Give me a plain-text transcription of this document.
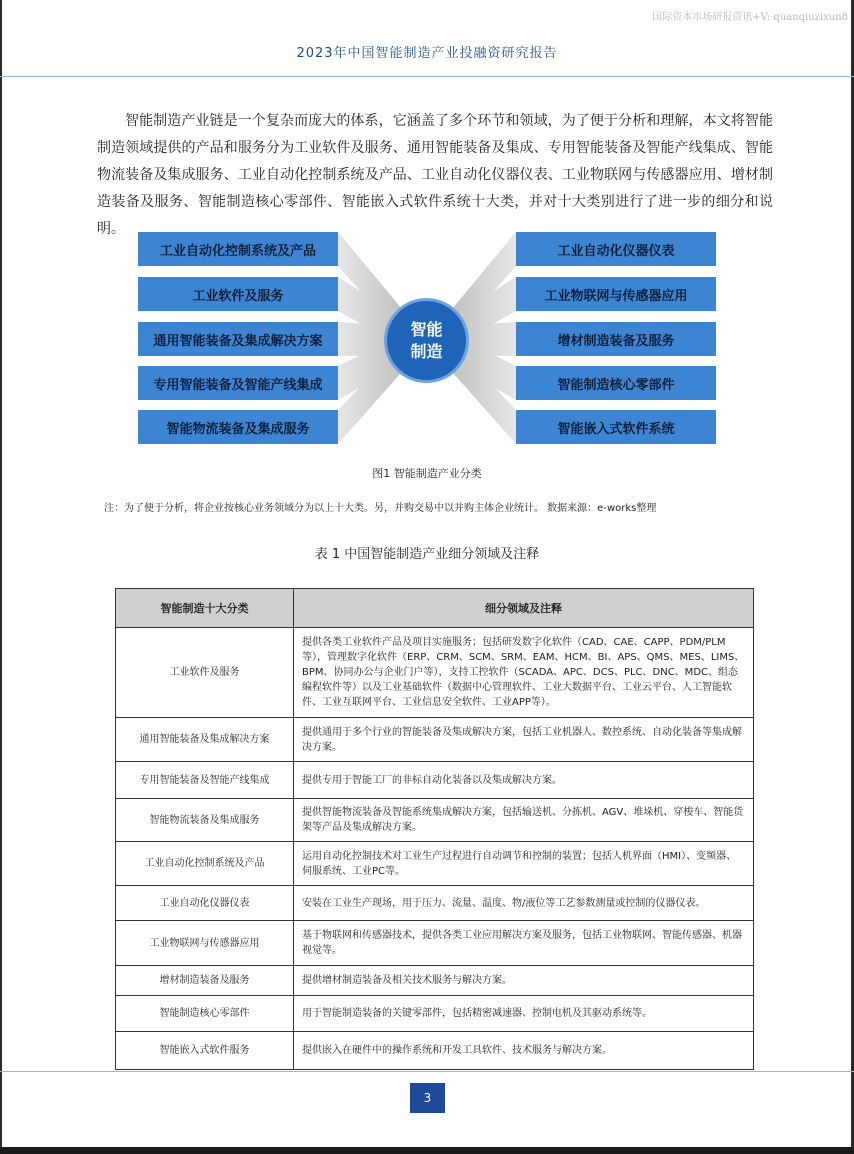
国际资本市场研报资讯+V: quanqiuzixun8
2023年中国智能制造产业投融资研究报告

智能制造产业链是一个复杂而庞大的体系，它涵盖了多个环节和领域，为了便于分析和理解，本文将智能制造领域提供的产品和服务分为工业软件及服务、通用智能装备及集成、专用智能装备及智能产线集成、智能物流装备及集成服务、工业自动化控制系统及产品、工业自动化仪器仪表、工业物联网与传感器应用、增材制造装备及服务、智能制造核心零部件、智能嵌入式软件系统十大类，并对十大类别进行了进一步的细分和说明。

工业自动化控制系统及产品
工业软件及服务
通用智能装备及集成解决方案
专用智能装备及智能产线集成
智能物流装备及集成服务
工业自动化仪器仪表
工业物联网与传感器应用
增材制造装备及服务
智能制造核心零部件
智能嵌入式软件系统
智能
制造
图1 智能制造产业分类
注：为了便于分析，将企业按核心业务领域分为以上十大类。另，并购交易中以并购主体企业统计。 数据来源：e-works整理
表 1 中国智能制造产业细分领域及注释
智能制造十大分类	细分领域及注释
工业软件及服务	提供各类工业软件产品及项目实施服务；包括研发数字化软件（CAD、CAE、CAPP、PDM/PLM等），管理数字化软件（ERP、CRM、SCM、SRM、EAM、HCM、BI、APS、QMS、MES、LIMS、BPM、协同办公与企业门户等），支持工控软件（SCADA、APC、DCS、PLC、DNC、MDC、组态编程软件等）以及工业基础软件（数据中心管理软件、工业大数据平台、工业云平台、人工智能软件、工业互联网平台、工业信息安全软件、工业APP等）。
通用智能装备及集成解决方案	提供通用于多个行业的智能装备及集成解决方案，包括工业机器人、数控系统、自动化装备等集成解决方案。
专用智能装备及智能产线集成	提供专用于智能工厂的非标自动化装备以及集成解决方案。
智能物流装备及集成服务	提供智能物流装备及智能系统集成解决方案，包括输送机、分拣机、AGV、堆垛机、穿梭车、智能货架等产品及集成解决方案。
工业自动化控制系统及产品	运用自动化控制技术对工业生产过程进行自动调节和控制的装置；包括人机界面（HMI）、变频器、伺服系统、工业PC等。
工业自动化仪器仪表	安装在工业生产现场，用于压力、流量、温度、物/液位等工艺参数测量或控制的仪器仪表。
工业物联网与传感器应用	基于物联网和传感器技术，提供各类工业应用解决方案及服务，包括工业物联网、智能传感器、机器视觉等。
增材制造装备及服务	提供增材制造装备及相关技术服务与解决方案。
智能制造核心零部件	用于智能制造装备的关键零部件，包括精密减速器、控制电机及其驱动系统等。
智能嵌入式软件服务	提供嵌入在硬件中的操作系统和开发工具软件、技术服务与解决方案。
3
